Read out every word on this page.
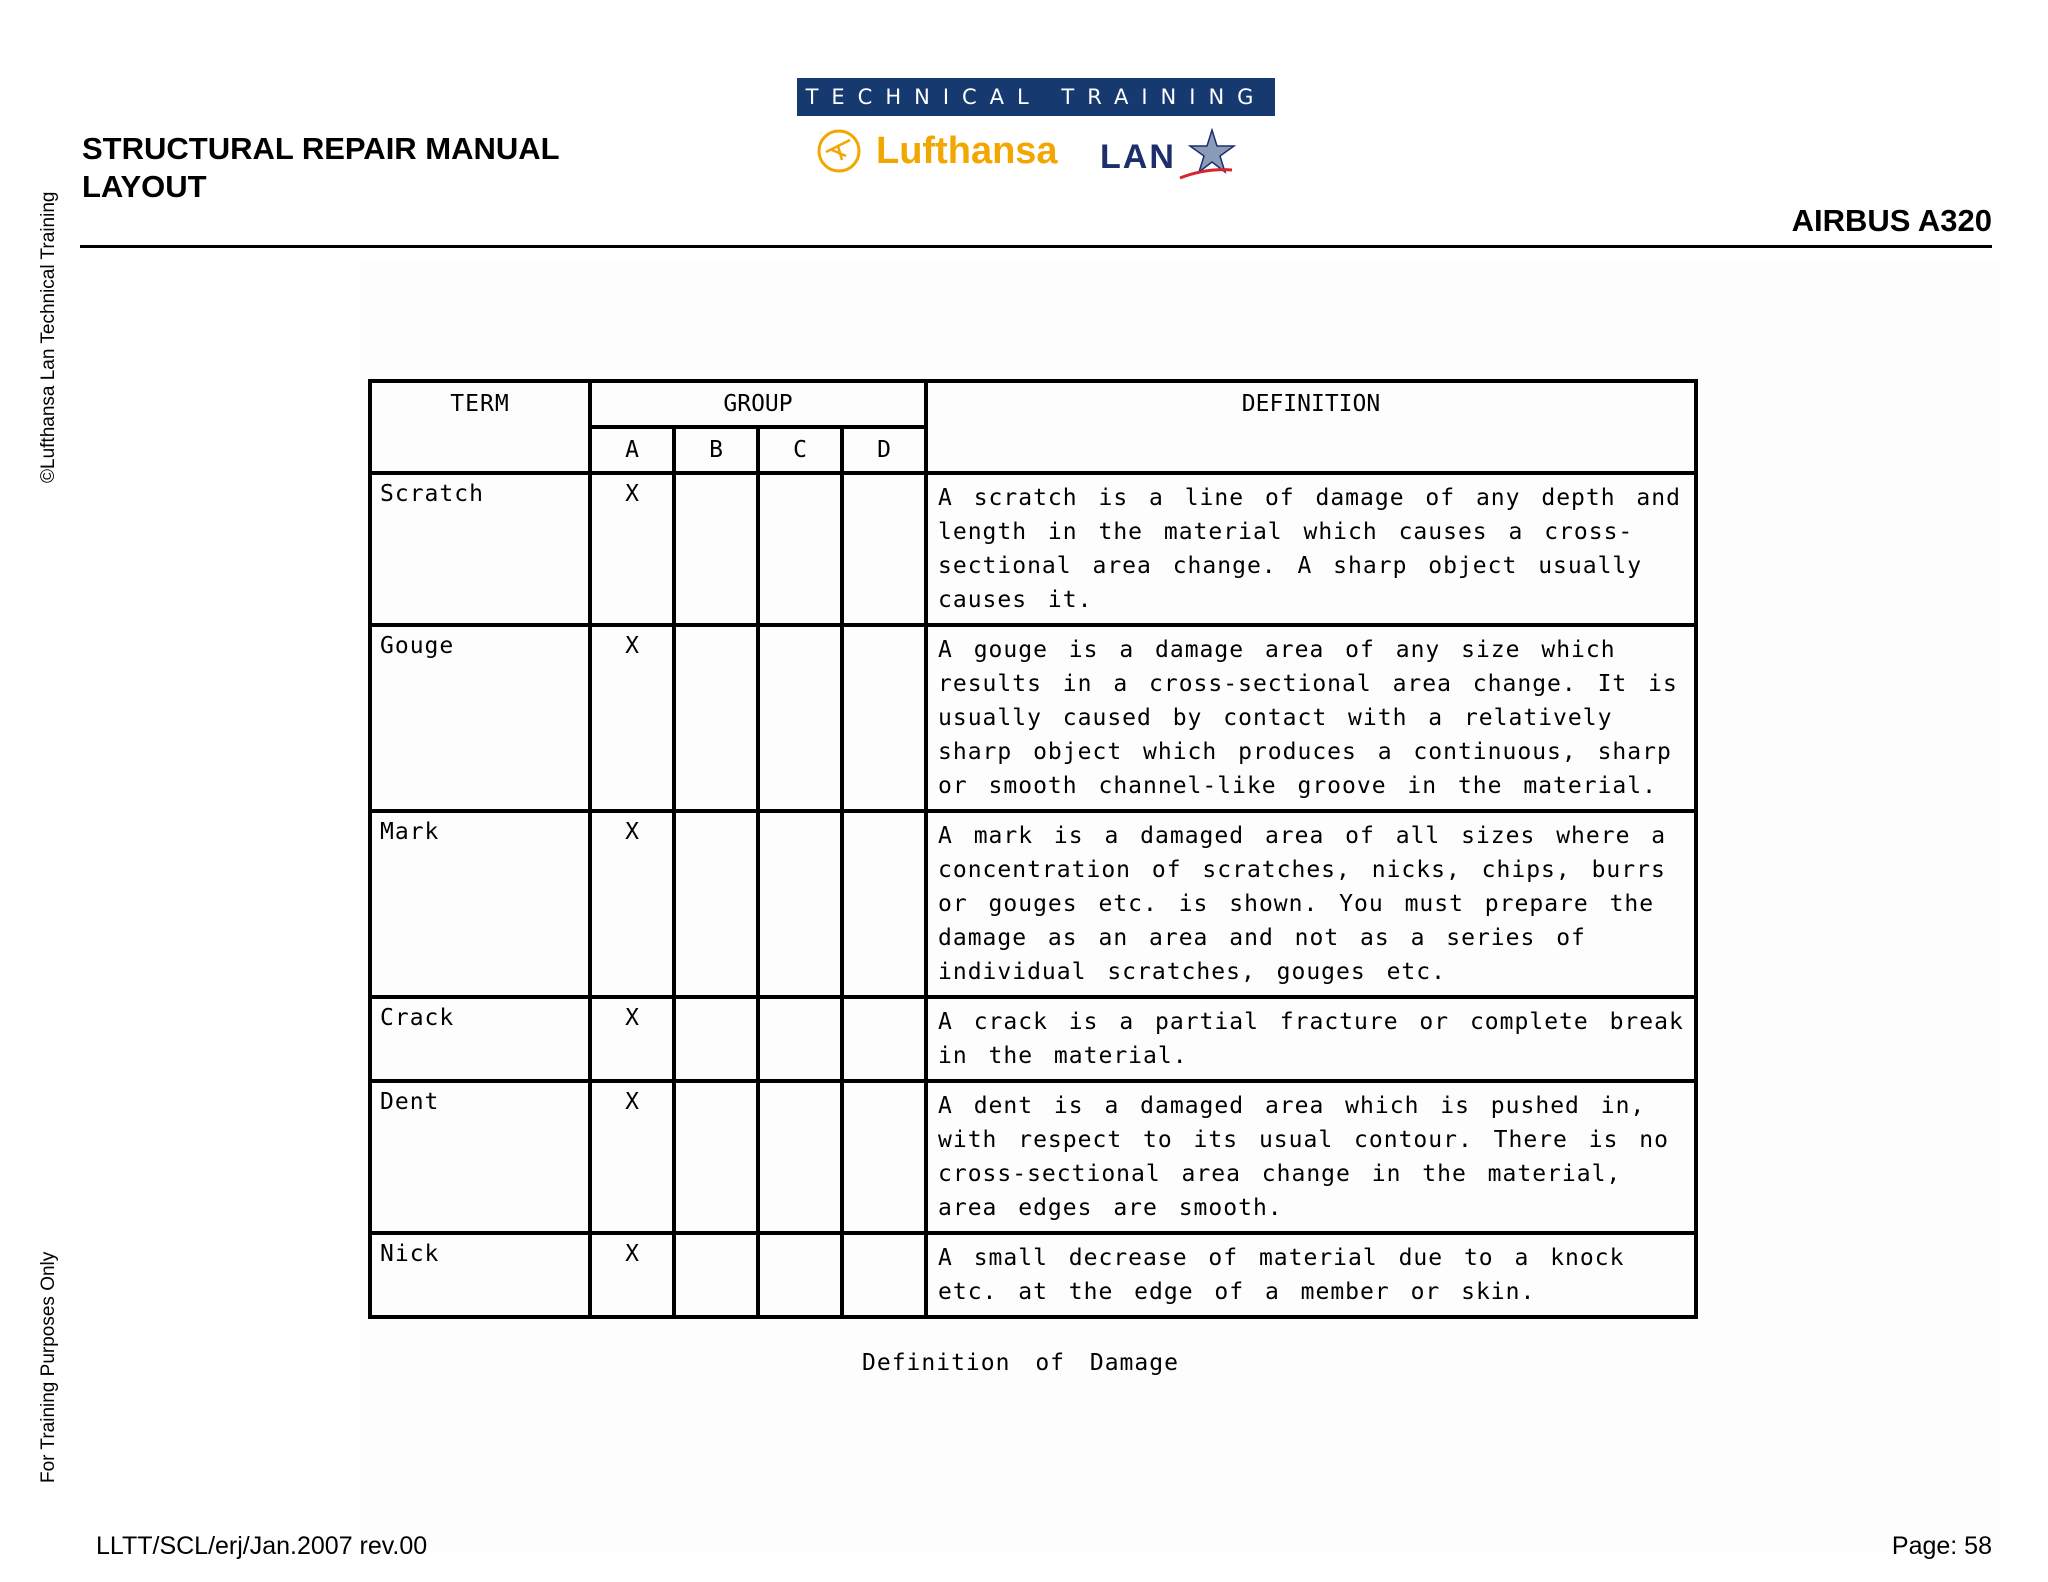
©Lufthansa Lan Technical Training
For Training Purposes Only
STRUCTURAL REPAIR MANUAL
LAYOUT
TECHNICAL TRAINING
Lufthansa LAN
AIRBUS A320
TERM	GROUP				DEFINITION
	A	B	C	D	
Scratch	X				A scratch is a line of damage of any depth and length in the material which causes a cross-sectional area change. A sharp object usually causes it.
Gouge	X				A gouge is a damage area of any size which results in a cross-sectional area change. It is usually caused by contact with a relatively sharp object which produces a continuous, sharp or smooth channel-like groove in the material.
Mark	X				A mark is a damaged area of all sizes where a concentration of scratches, nicks, chips, burrs or gouges etc. is shown. You must prepare the damage as an area and not as a series of individual scratches, gouges etc.
Crack	X				A crack is a partial fracture or complete break in the material.
Dent	X				A dent is a damaged area which is pushed in, with respect to its usual contour. There is no cross-sectional area change in the material, area edges are smooth.
Nick	X				A small decrease of material due to a knock etc. at the edge of a member or skin.
Definition of Damage
LLTT/SCL/erj/Jan.2007 rev.00	Page: 58
